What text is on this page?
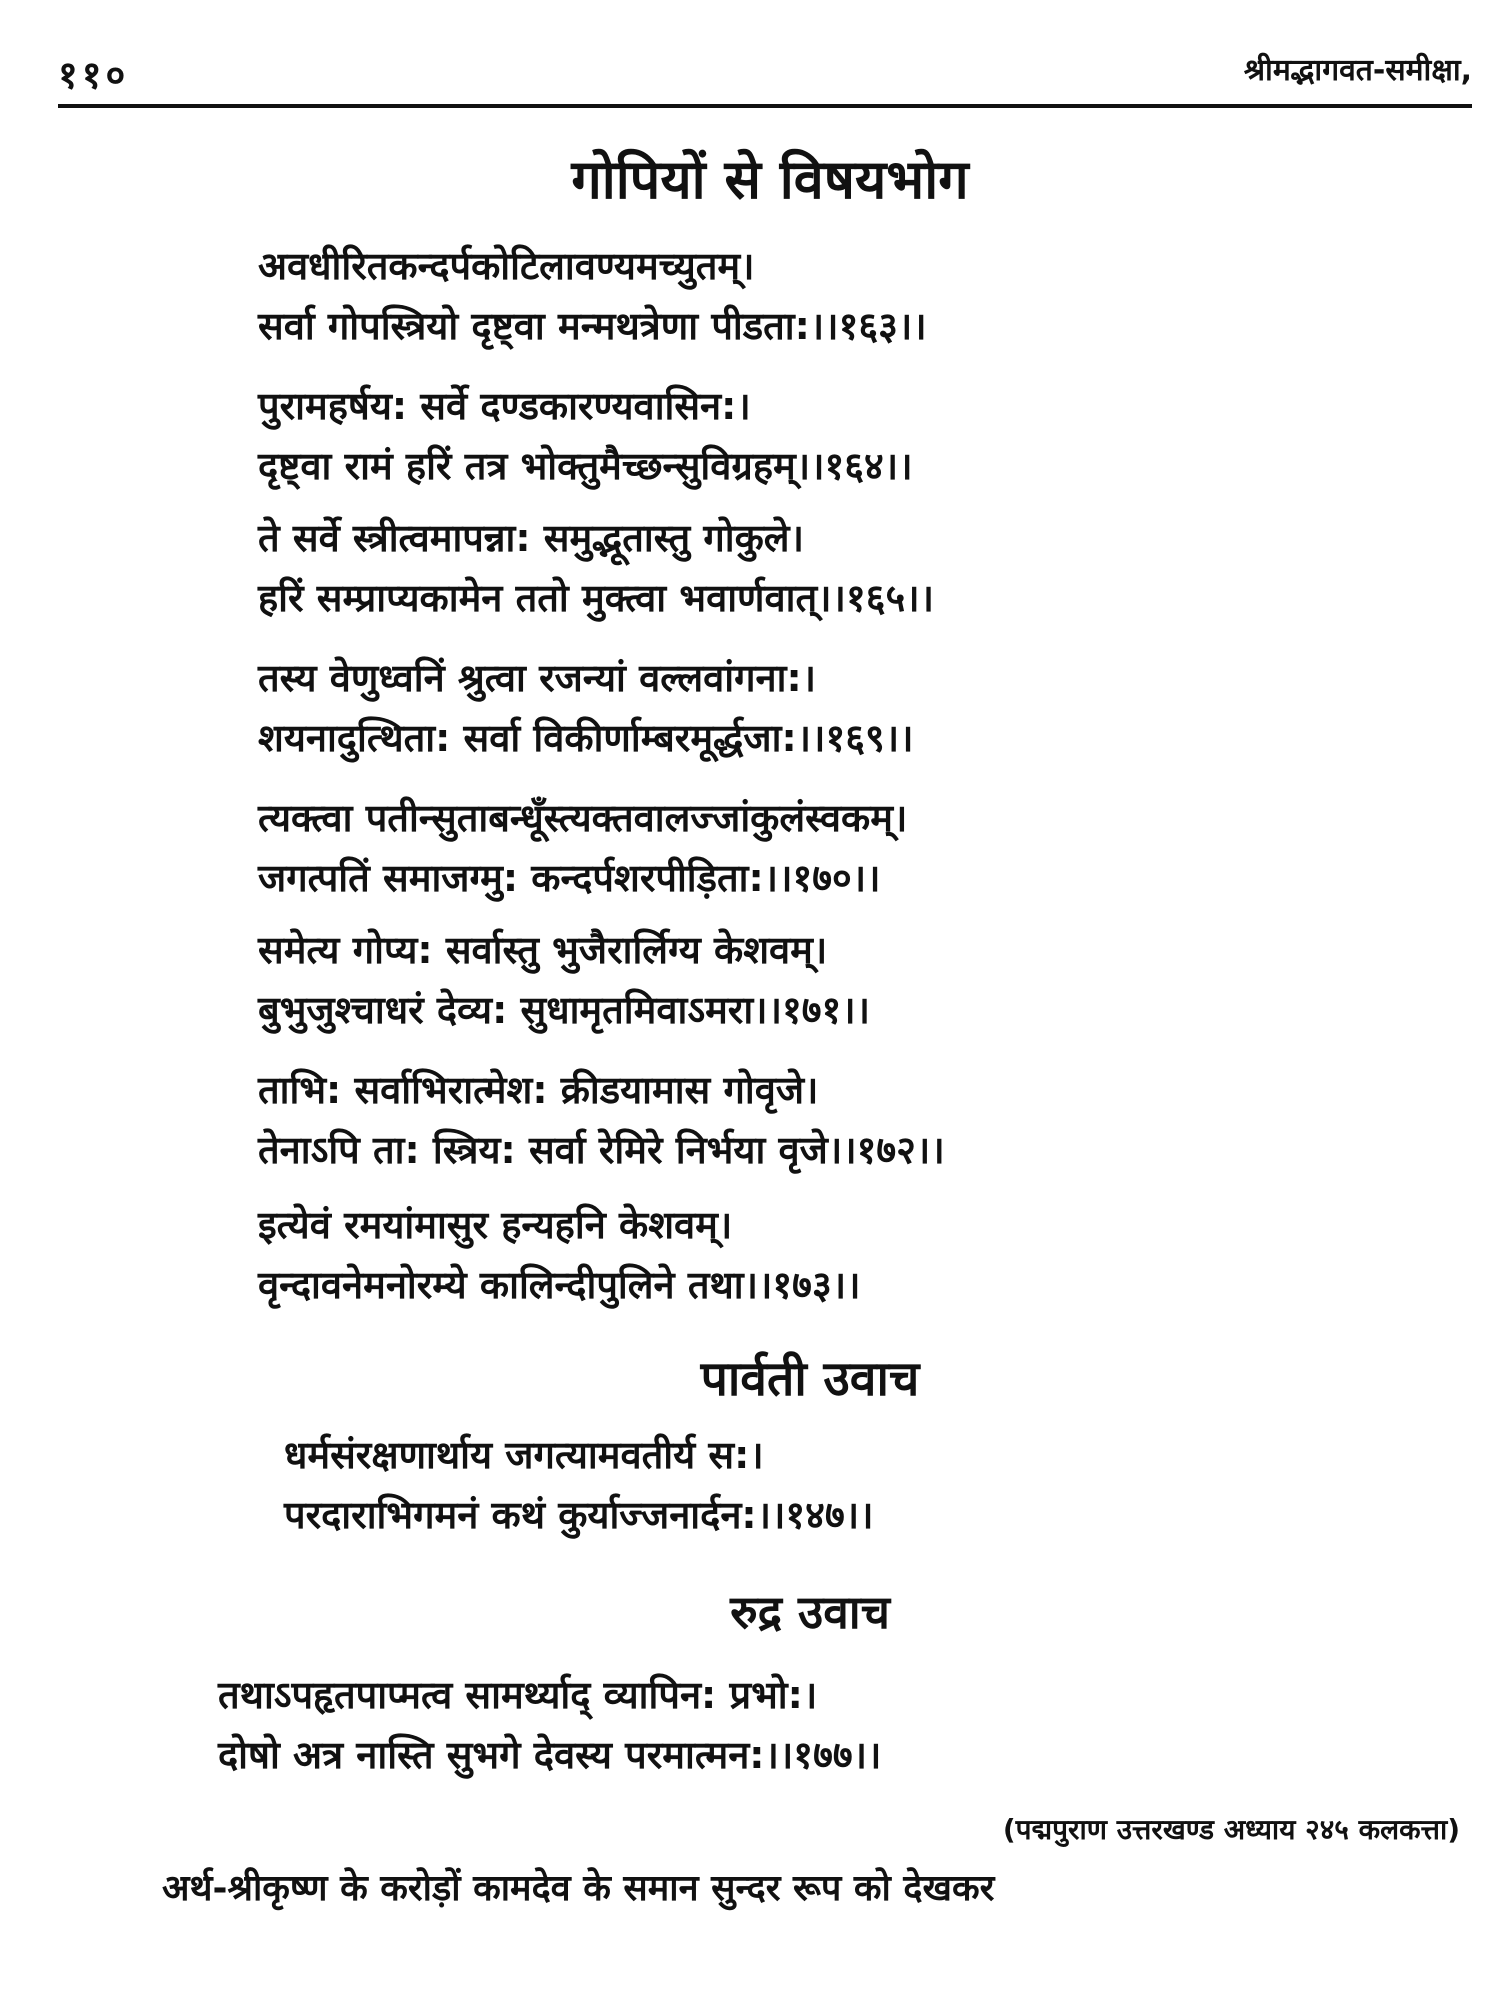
११०	श्रीमद्भागवत-समीक्षा,
गोपियों से विषयभोग
अवधीरितकन्दर्पकोटिलावण्यमच्युतम्।
सर्वा गोपस्त्रियो दृष्ट्वा मन्मथत्रेणा पीडता:।।१६३।।
पुरामहर्षय: सर्वे दण्डकारण्यवासिन:।
दृष्ट्वा रामं हरिं तत्र भोक्तुमैच्छन्सुविग्रहम्।।१६४।।
ते सर्वे स्त्रीत्वमापन्ना: समुद्भूतास्तु गोकुले।
हरिं सम्प्राप्यकामेन ततो मुक्त्वा भवार्णवात्।।१६५।।
तस्य वेणुध्वनिं श्रुत्वा रजन्यां वल्लवांगना:।
शयनादुत्थिता: सर्वा विकीर्णाम्बरमूर्द्धजा:।।१६९।।
त्यक्त्वा पतीन्सुताबन्धूँस्त्यक्तवालज्जांकुलंस्वकम्।
जगत्पतिं समाजग्मु: कन्दर्पशरपीड़िता:।।१७०।।
समेत्य गोप्य: सर्वास्तु भुजैरार्लिग्य केशवम्।
बुभुजुश्चाधरं देव्य: सुधामृतमिवाऽमरा।।१७१।।
ताभि: सर्वाभिरात्मेश: क्रीडयामास गोवृजे।
तेनाऽपि ता: स्त्रिय: सर्वा रेमिरे निर्भया वृजे।।१७२।।
इत्येवं रमयांमासुर हन्यहनि केशवम्।
वृन्दावनेमनोरम्ये कालिन्दीपुलिने तथा।।१७३।।
पार्वती उवाच
धर्मसंरक्षणार्थाय जगत्यामवतीर्य स:।
परदाराभिगमनं कथं कुर्याज्जनार्दन:।।१४७।।
रुद्र उवाच
तथाऽपहृतपाप्मत्व सामर्थ्याद् व्यापिन: प्रभो:।
दोषो अत्र नास्ति सुभगे देवस्य परमात्मन:।।१७७।।
(पद्मपुराण उत्तरखण्ड अध्याय २४५ कलकत्ता)
अर्थ-श्रीकृष्ण के करोड़ों कामदेव के समान सुन्दर रूप को देखकर
